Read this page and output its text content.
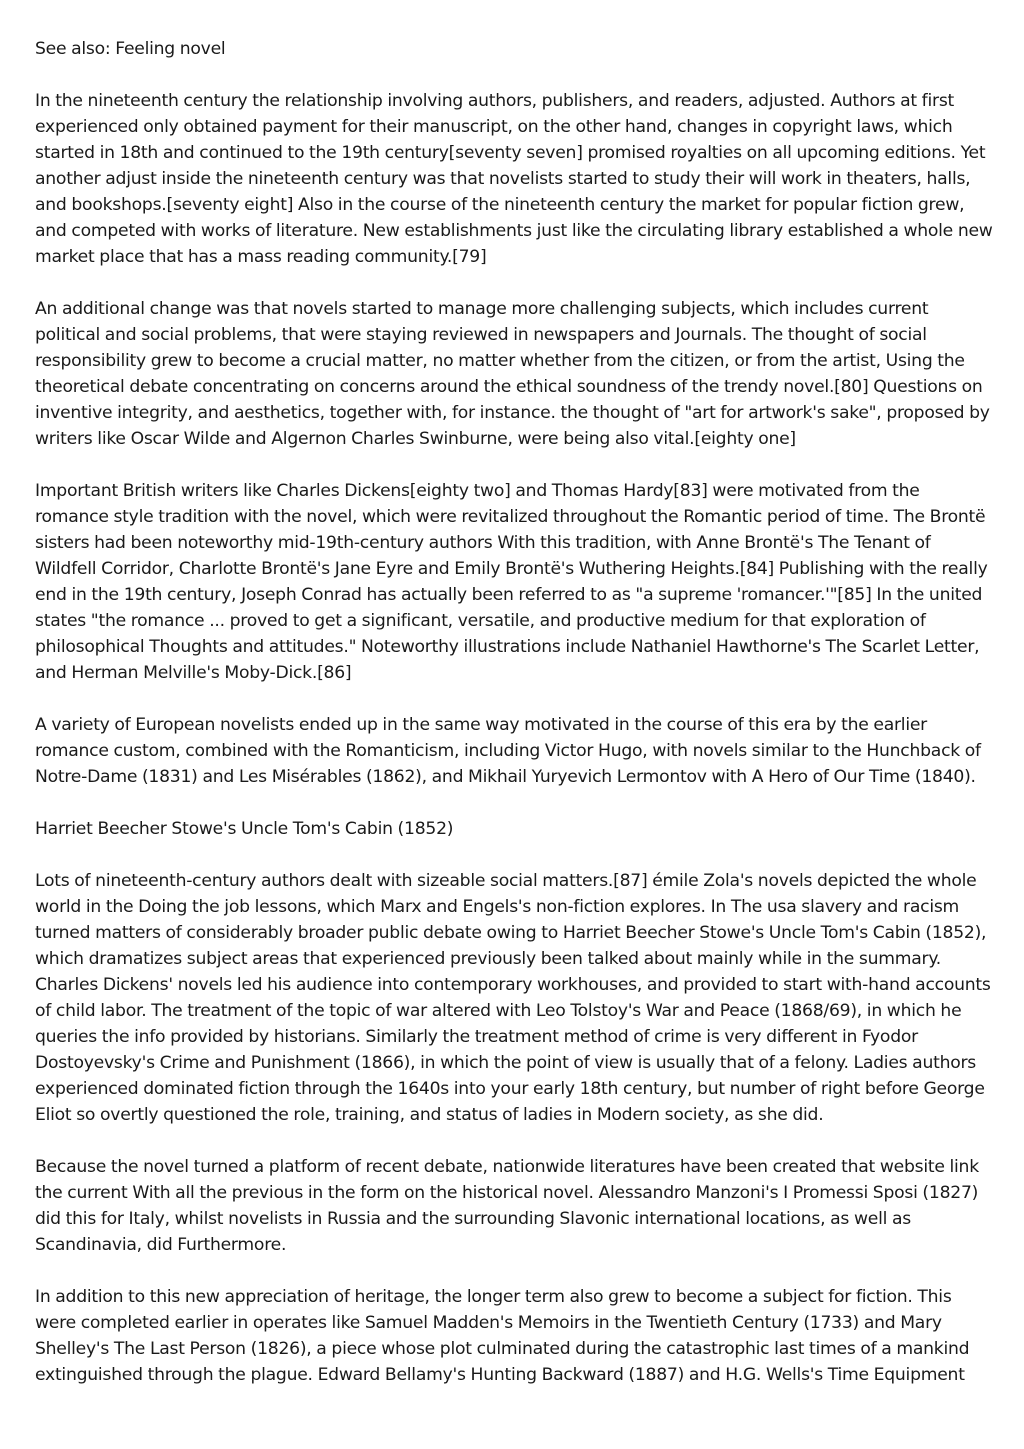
See also: Feeling novel

In the nineteenth century the relationship involving authors, publishers, and readers, adjusted. Authors at first experienced only obtained payment for their manuscript, on the other hand, changes in copyright laws, which started in 18th and continued to the 19th century[seventy seven] promised royalties on all upcoming editions. Yet another adjust inside the nineteenth century was that novelists started to study their will work in theaters, halls, and bookshops.[seventy eight] Also in the course of the nineteenth century the market for popular fiction grew, and competed with works of literature. New establishments just like the circulating library established a whole new market place that has a mass reading community.[79]

An additional change was that novels started to manage more challenging subjects, which includes current political and social problems, that were staying reviewed in newspapers and Journals. The thought of social responsibility grew to become a crucial matter, no matter whether from the citizen, or from the artist, Using the theoretical debate concentrating on concerns around the ethical soundness of the trendy novel.[80] Questions on inventive integrity, and aesthetics, together with, for instance. the thought of "art for artwork's sake", proposed by writers like Oscar Wilde and Algernon Charles Swinburne, were being also vital.[eighty one]

Important British writers like Charles Dickens[eighty two] and Thomas Hardy[83] were motivated from the romance style tradition with the novel, which were revitalized throughout the Romantic period of time. The Brontë sisters had been noteworthy mid-19th-century authors With this tradition, with Anne Brontë's The Tenant of Wildfell Corridor, Charlotte Brontë's Jane Eyre and Emily Brontë's Wuthering Heights.[84] Publishing with the really end in the 19th century, Joseph Conrad has actually been referred to as "a supreme 'romancer.'"[85] In the united states "the romance ... proved to get a significant, versatile, and productive medium for that exploration of philosophical Thoughts and attitudes." Noteworthy illustrations include Nathaniel Hawthorne's The Scarlet Letter, and Herman Melville's Moby-Dick.[86]

A variety of European novelists ended up in the same way motivated in the course of this era by the earlier romance custom, combined with the Romanticism, including Victor Hugo, with novels similar to the Hunchback of Notre-Dame (1831) and Les Misérables (1862), and Mikhail Yuryevich Lermontov with A Hero of Our Time (1840).

Harriet Beecher Stowe's Uncle Tom's Cabin (1852)

Lots of nineteenth-century authors dealt with sizeable social matters.[87] émile Zola's novels depicted the whole world in the Doing the job lessons, which Marx and Engels's non-fiction explores. In The usa slavery and racism turned matters of considerably broader public debate owing to Harriet Beecher Stowe's Uncle Tom's Cabin (1852), which dramatizes subject areas that experienced previously been talked about mainly while in the summary. Charles Dickens' novels led his audience into contemporary workhouses, and provided to start with-hand accounts of child labor. The treatment of the topic of war altered with Leo Tolstoy's War and Peace (1868/69), in which he queries the info provided by historians. Similarly the treatment method of crime is very different in Fyodor Dostoyevsky's Crime and Punishment (1866), in which the point of view is usually that of a felony. Ladies authors experienced dominated fiction through the 1640s into your early 18th century, but number of right before George Eliot so overtly questioned the role, training, and status of ladies in Modern society, as she did.

Because the novel turned a platform of recent debate, nationwide literatures have been created that website link the current With all the previous in the form on the historical novel. Alessandro Manzoni's I Promessi Sposi (1827) did this for Italy, whilst novelists in Russia and the surrounding Slavonic international locations, as well as Scandinavia, did Furthermore.

In addition to this new appreciation of heritage, the longer term also grew to become a subject for fiction. This were completed earlier in operates like Samuel Madden's Memoirs in the Twentieth Century (1733) and Mary Shelley's The Last Person (1826), a piece whose plot culminated during the catastrophic last times of a mankind extinguished through the plague. Edward Bellamy's Hunting Backward (1887) and H.G. Wells's Time Equipment
